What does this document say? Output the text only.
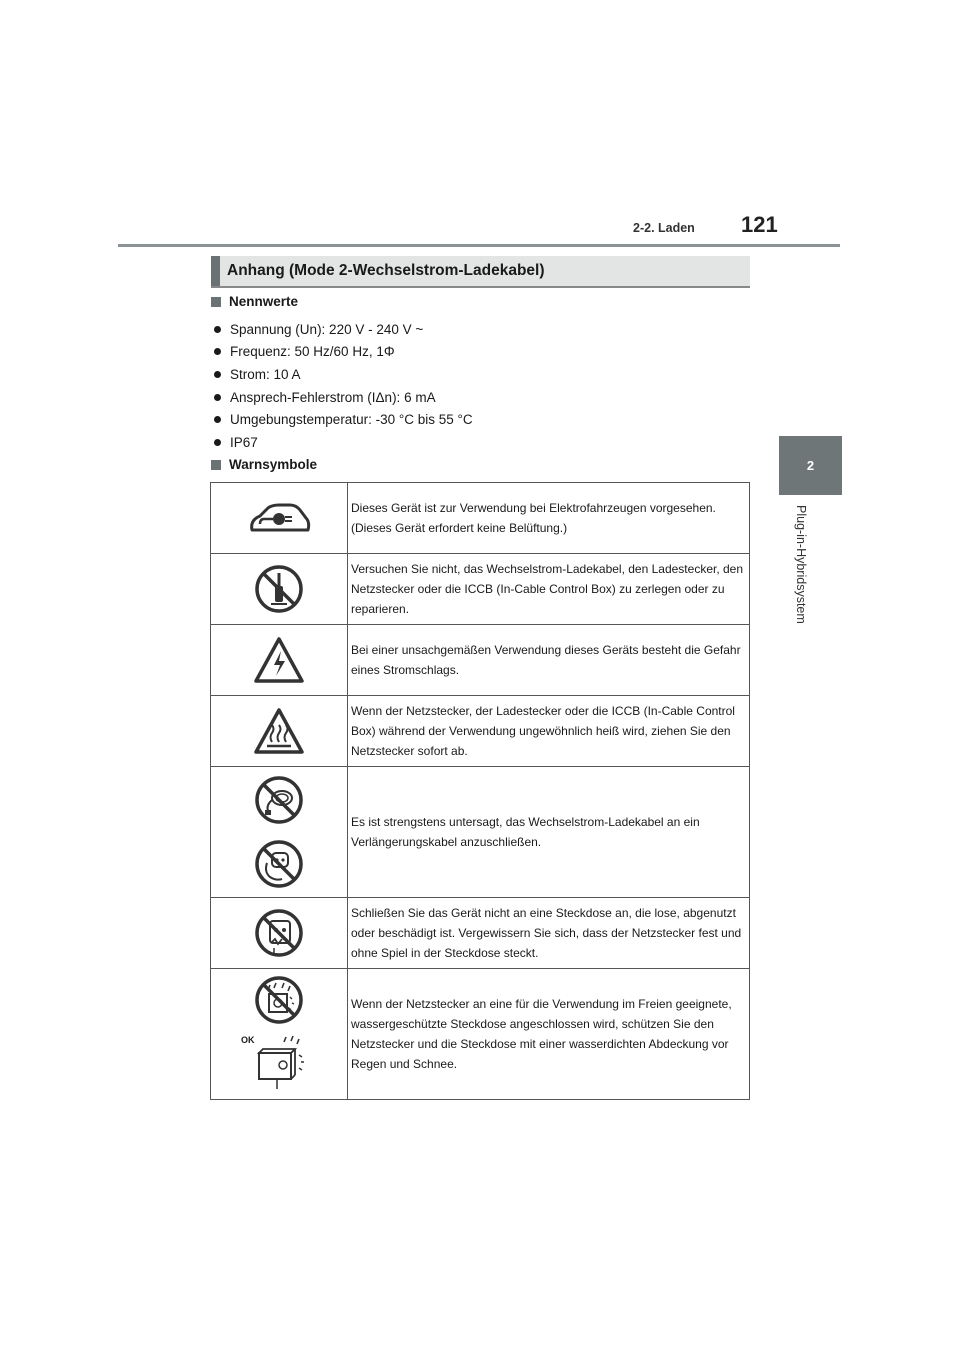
2-2. Laden 121
2
Plug-in-Hybridsystem
Anhang (Mode 2-Wechselstrom-Ladekabel)
Nennwerte
Spannung (Un): 220 V - 240 V ~
Frequenz: 50 Hz/60 Hz, 1Φ
Strom: 10 A
Ansprech-Fehlerstrom (IΔn): 6 mA
Umgebungstemperatur: -30 °C bis 55 °C
IP67
Warnsymbole
	Dieses Gerät ist zur Verwendung bei Elektrofahrzeugen vorgesehen. (Dieses Gerät erfordert keine Belüftung.)

	Versuchen Sie nicht, das Wechselstrom-Ladekabel, den Ladestecker, den Netzstecker oder die ICCB (In-Cable Control Box) zu zerlegen oder zu reparieren.

	Bei einer unsachgemäßen Verwendung dieses Geräts besteht die Gefahr eines Stromschlags.

	Wenn der Netzstecker, der Ladestecker oder die ICCB (In-Cable Control Box) während der Verwendung ungewöhnlich heiß wird, ziehen Sie den Netzstecker sofort ab.

	Es ist strengstens untersagt, das Wechselstrom-Ladekabel an ein Verlängerungskabel anzuschließen.

	Schließen Sie das Gerät nicht an eine Steckdose an, die lose, abgenutzt oder beschädigt ist. Vergewissern Sie sich, dass der Netzstecker fest und ohne Spiel in der Steckdose steckt.

OK	Wenn der Netzstecker an eine für die Verwendung im Freien geeignete, wassergeschützte Steckdose angeschlossen wird, schützen Sie den Netzstecker und die Steckdose mit einer wasserdichten Abdeckung vor Regen und Schnee.
